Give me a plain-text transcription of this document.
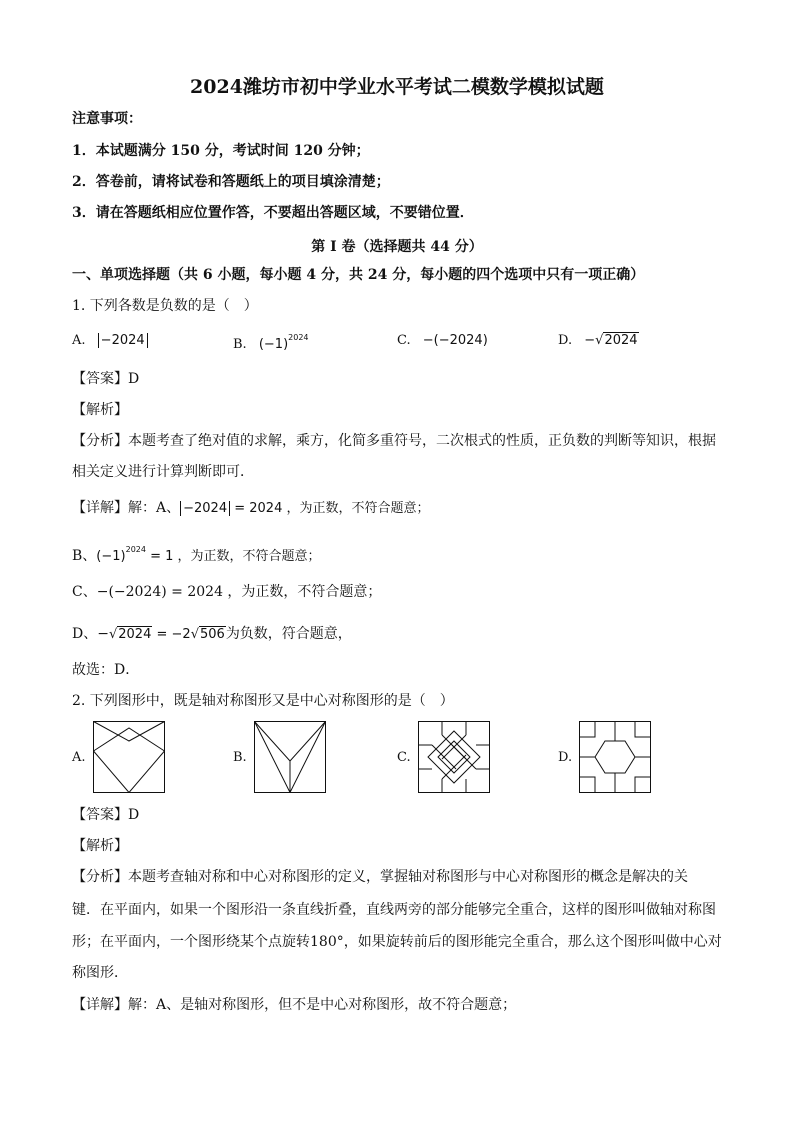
2024潍坊市初中学业水平考试二模数学模拟试题
注意事项：
1．本试题满分 150 分，考试时间 120 分钟；
2．答卷前，请将试卷和答题纸上的项目填涂清楚；
3．请在答题纸相应位置作答，不要超出答题区域，不要错位置．
第 I 卷（选择题共 44 分）
一、单项选择题（共 6 小题，每小题 4 分，共 24 分，每小题的四个选项中只有一项正确）
1. 下列各数是负数的是（　）
A. −2024	B. $(-1)^{2024}$	C. −(−2024)	D. −√2024
【答案】D
【解析】
【分析】本题考查了绝对值的求解，乘方，化简多重符号，二次根式的性质，正负数的判断等知识，根据
相关定义进行计算判断即可．
【详解】解：A、 −2024 = 2024 ，为正数，不符合题意；
B、$(-1)^{2024} = 1$ ，为正数，不符合题意；
C、−(−2024) = 2024 ，为正数，不符合题意；
D、−√2024 = −2√506为负数，符合题意，
故选：D．
2. 下列图形中，既是轴对称图形又是中心对称图形的是（　）
A.	B.	C.	D.
【答案】D
【解析】
【分析】本题考查轴对称和中心对称图形的定义，掌握轴对称图形与中心对称图形的概念是解决的关
键．在平面内，如果一个图形沿一条直线折叠，直线两旁的部分能够完全重合，这样的图形叫做轴对称图
形；在平面内，一个图形绕某个点旋转180°，如果旋转前后的图形能完全重合，那么这个图形叫做中心对
称图形．
【详解】解：A、是轴对称图形，但不是中心对称图形，故不符合题意；
